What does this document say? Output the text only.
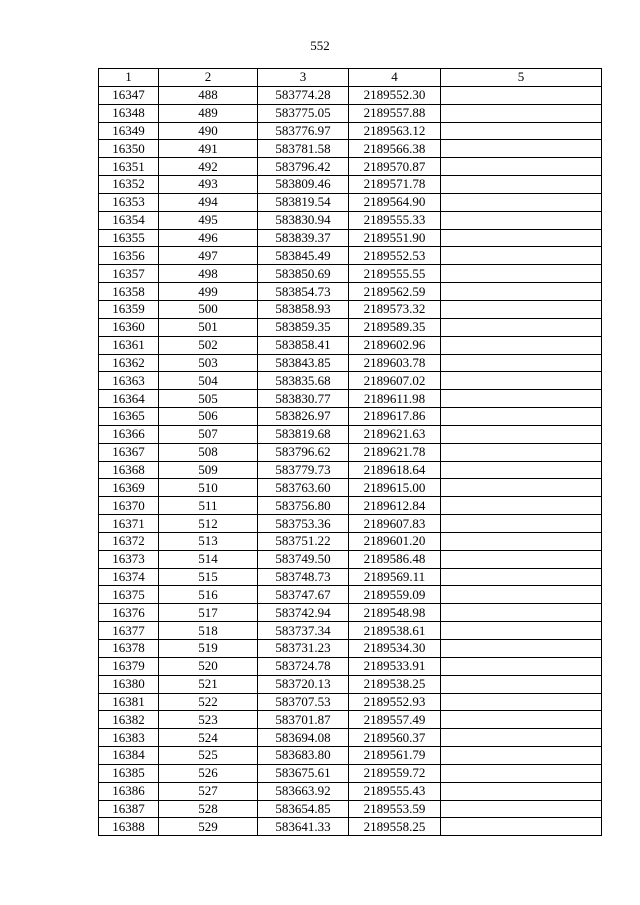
552
1	2	3	4	5
16347	488	583774.28	2189552.30	
16348	489	583775.05	2189557.88	
16349	490	583776.97	2189563.12	
16350	491	583781.58	2189566.38	
16351	492	583796.42	2189570.87	
16352	493	583809.46	2189571.78	
16353	494	583819.54	2189564.90	
16354	495	583830.94	2189555.33	
16355	496	583839.37	2189551.90	
16356	497	583845.49	2189552.53	
16357	498	583850.69	2189555.55	
16358	499	583854.73	2189562.59	
16359	500	583858.93	2189573.32	
16360	501	583859.35	2189589.35	
16361	502	583858.41	2189602.96	
16362	503	583843.85	2189603.78	
16363	504	583835.68	2189607.02	
16364	505	583830.77	2189611.98	
16365	506	583826.97	2189617.86	
16366	507	583819.68	2189621.63	
16367	508	583796.62	2189621.78	
16368	509	583779.73	2189618.64	
16369	510	583763.60	2189615.00	
16370	511	583756.80	2189612.84	
16371	512	583753.36	2189607.83	
16372	513	583751.22	2189601.20	
16373	514	583749.50	2189586.48	
16374	515	583748.73	2189569.11	
16375	516	583747.67	2189559.09	
16376	517	583742.94	2189548.98	
16377	518	583737.34	2189538.61	
16378	519	583731.23	2189534.30	
16379	520	583724.78	2189533.91	
16380	521	583720.13	2189538.25	
16381	522	583707.53	2189552.93	
16382	523	583701.87	2189557.49	
16383	524	583694.08	2189560.37	
16384	525	583683.80	2189561.79	
16385	526	583675.61	2189559.72	
16386	527	583663.92	2189555.43	
16387	528	583654.85	2189553.59	
16388	529	583641.33	2189558.25	
